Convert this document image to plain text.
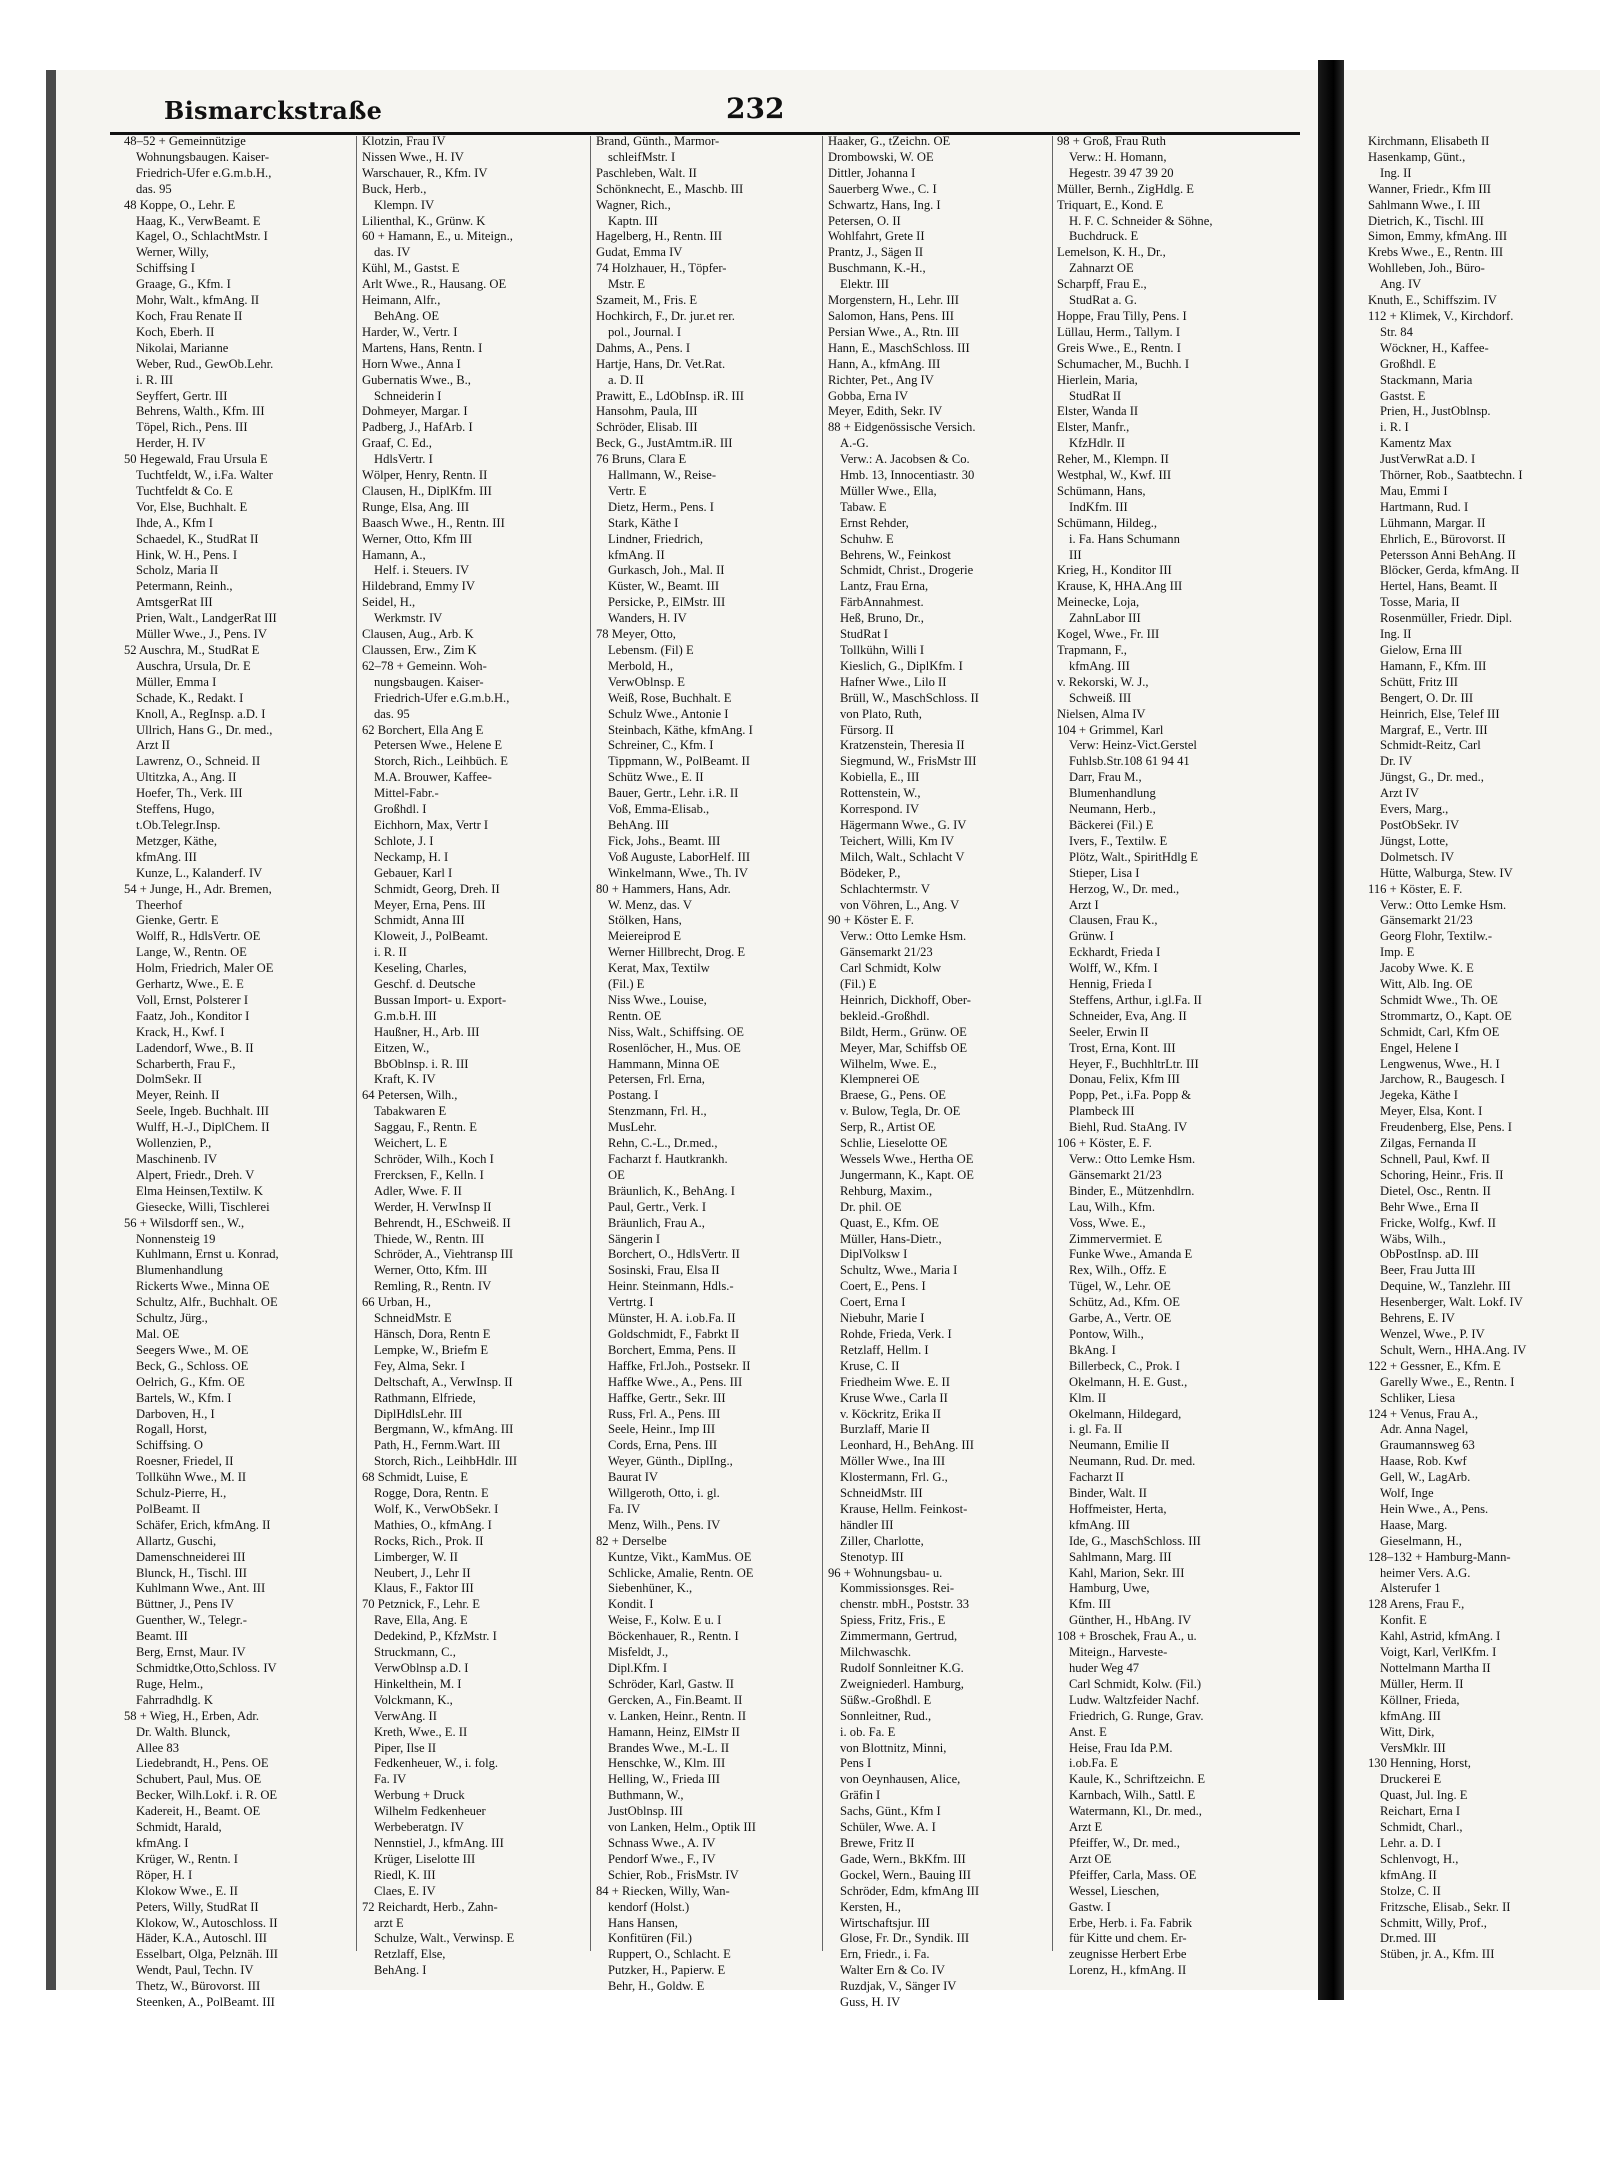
Bismarckstraße	232
48–52 + Gemeinnützige
Wohnungsbaugen. Kaiser-
Friedrich-Ufer e.G.m.b.H.,
das. 95
48 Koppe, O., Lehr. E
Haag, K., VerwBeamt. E
Kagel, O., SchlachtMstr. I
Werner, Willy,
Schiffsing I
Graage, G., Kfm. I
Mohr, Walt., kfmAng. II
Koch, Frau Renate II
Koch, Eberh. II
Nikolai, Marianne
Weber, Rud., GewOb.Lehr.
i. R. III
Seyffert, Gertr. III
Behrens, Walth., Kfm. III
Töpel, Rich., Pens. III
Herder, H. IV
50 Hegewald, Frau Ursula E
Tuchtfeldt, W., i.Fa. Walter
Tuchtfeldt & Co. E
Vor, Else, Buchhalt. E
Ihde, A., Kfm I
Schaedel, K., StudRat II
Hink, W. H., Pens. I
Scholz, Maria II
Petermann, Reinh.,
AmtsgerRat III
Prien, Walt., LandgerRat III
Müller Wwe., J., Pens. IV
52 Auschra, M., StudRat E
Auschra, Ursula, Dr. E
Müller, Emma I
Schade, K., Redakt. I
Knoll, A., RegInsp. a.D. I
Ullrich, Hans G., Dr. med.,
Arzt II
Lawrenz, O., Schneid. II
Ultitzka, A., Ang. II
Hoefer, Th., Verk. III
Steffens, Hugo,
t.Ob.Telegr.Insp.
Metzger, Käthe,
kfmAng. III
Kunze, L., Kalanderf. IV
54 + Junge, H., Adr. Bremen,
Theerhof
Gienke, Gertr. E
Wolff, R., HdlsVertr. OE
Lange, W., Rentn. OE
Holm, Friedrich, Maler OE
Gerhartz, Wwe., E. E
Voll, Ernst, Polsterer I
Faatz, Joh., Konditor I
Krack, H., Kwf. I
Ladendorf, Wwe., B. II
Scharberth, Frau F.,
DolmSekr. II
Meyer, Reinh. II
Seele, Ingeb. Buchhalt. III
Wulff, H.-J., DiplChem. II
Wollenzien, P.,
Maschinenb. IV
Alpert, Friedr., Dreh. V
Elma Heinsen,Textilw. K
Giesecke, Willi, Tischlerei
56 + Wilsdorff sen., W.,
Nonnensteig 19
Kuhlmann, Ernst u. Konrad,
Blumenhandlung
Rickerts Wwe., Minna OE
Schultz, Alfr., Buchhalt. OE
Schultz, Jürg.,
Mal. OE
Seegers Wwe., M. OE
Beck, G., Schloss. OE
Oelrich, G., Kfm. OE
Bartels, W., Kfm. I
Darboven, H., I
Rogall, Horst,
Schiffsing. O
Roesner, Friedel, II
Tollkühn Wwe., M. II
Schulz-Pierre, H.,
PolBeamt. II
Schäfer, Erich, kfmAng. II
Allartz, Guschi,
Damenschneiderei III
Blunck, H., Tischl. III
Kuhlmann Wwe., Ant. III
Büttner, J., Pens IV
Guenther, W., Telegr.-
Beamt. III
Berg, Ernst, Maur. IV
Schmidtke,Otto,Schloss. IV
Ruge, Helm.,
Fahrradhdlg. K
58 + Wieg, H., Erben, Adr.
Dr. Walth. Blunck,
Allee 83
Liedebrandt, H., Pens. OE
Schubert, Paul, Mus. OE
Becker, Wilh.Lokf. i. R. OE
Kadereit, H., Beamt. OE
Schmidt, Harald,
kfmAng. I
Krüger, W., Rentn. I
Röper, H. I
Klokow Wwe., E. II
Peters, Willy, StudRat II
Klokow, W., Autoschloss. II
Häder, K.A., Autoschl. III
Esselbart, Olga, Pelznäh. III
Wendt, Paul, Techn. IV
Thetz, W., Bürovorst. III
Steenken, A., PolBeamt. III
Klotzin, Frau IV
Nissen Wwe., H. IV
Warschauer, R., Kfm. IV
Buck, Herb.,
Klempn. IV
Lilienthal, K., Grünw. K
60 + Hamann, E., u. Miteign.,
das. IV
Kühl, M., Gastst. E
Arlt Wwe., R., Hausang. OE
Heimann, Alfr.,
BehAng. OE
Harder, W., Vertr. I
Martens, Hans, Rentn. I
Horn Wwe., Anna I
Gubernatis Wwe., B.,
Schneiderin I
Dohmeyer, Margar. I
Padberg, J., HafArb. I
Graaf, C. Ed.,
HdlsVertr. I
Wölper, Henry, Rentn. II
Clausen, H., DiplKfm. III
Runge, Elsa, Ang. III
Baasch Wwe., H., Rentn. III
Werner, Otto, Kfm III
Hamann, A.,
Helf. i. Steuers. IV
Hildebrand, Emmy IV
Seidel, H.,
Werkmstr. IV
Clausen, Aug., Arb. K
Claussen, Erw., Zim K
62–78 + Gemeinn. Woh-
nungsbaugen. Kaiser-
Friedrich-Ufer e.G.m.b.H.,
das. 95
62 Borchert, Ella Ang E
Petersen Wwe., Helene E
Storch, Rich., Leihbüch. E
M.A. Brouwer, Kaffee-
Mittel-Fabr.-
Großhdl. I
Eichhorn, Max, Vertr I
Schlote, J. I
Neckamp, H. I
Gebauer, Karl I
Schmidt, Georg, Dreh. II
Meyer, Erna, Pens. III
Schmidt, Anna III
Kloweit, J., PolBeamt.
i. R. II
Keseling, Charles,
Geschf. d. Deutsche
Bussan Import- u. Export-
G.m.b.H. III
Haußner, H., Arb. III
Eitzen, W.,
BbOblnsp. i. R. III
Kraft, K. IV
64 Petersen, Wilh.,
Tabakwaren E
Saggau, F., Rentn. E
Weichert, L. E
Schröder, Wilh., Koch I
Frercksen, F., Kelln. I
Adler, Wwe. F. II
Werder, H. VerwInsp II
Behrendt, H., ESchweiß. II
Thiede, W., Rentn. III
Schröder, A., Viehtransp III
Werner, Otto, Kfm. III
Remling, R., Rentn. IV
66 Urban, H.,
SchneidMstr. E
Hänsch, Dora, Rentn E
Lempke, W., Briefm E
Fey, Alma, Sekr. I
Deltschaft, A., VerwInsp. II
Rathmann, Elfriede,
DiplHdlsLehr. III
Bergmann, W., kfmAng. III
Path, H., Fernm.Wart. III
Storch, Rich., LeihbHdlr. III
68 Schmidt, Luise, E
Rogge, Dora, Rentn. E
Wolf, K., VerwObSekr. I
Mathies, O., kfmAng. I
Rocks, Rich., Prok. II
Limberger, W. II
Neubert, J., Lehr II
Klaus, F., Faktor III
70 Petznick, F., Lehr. E
Rave, Ella, Ang. E
Dedekind, P., KfzMstr. I
Struckmann, C.,
VerwOblnsp a.D. I
Hinkelthein, M. I
Volckmann, K.,
VerwAng. II
Kreth, Wwe., E. II
Piper, Ilse II
Fedkenheuer, W., i. folg.
Fa. IV
Werbung + Druck
Wilhelm Fedkenheuer
Werbeberatgn. IV
Nennstiel, J., kfmAng. III
Krüger, Liselotte III
Riedl, K. III
Claes, E. IV
72 Reichardt, Herb., Zahn-
arzt E
Schulze, Walt., Verwinsp. E
Retzlaff, Else,
BehAng. I
Brand, Günth., Marmor-
schleifMstr. I
Paschleben, Walt. II
Schönknecht, E., Maschb. III
Wagner, Rich.,
Kaptn. III
Hagelberg, H., Rentn. III
Gudat, Emma IV
74 Holzhauer, H., Töpfer-
Mstr. E
Szameit, M., Fris. E
Hochkirch, F., Dr. jur.et rer.
pol., Journal. I
Dahms, A., Pens. I
Hartje, Hans, Dr. Vet.Rat.
a. D. II
Prawitt, E., LdObInsp. iR. III
Hansohm, Paula, III
Schröder, Elisab. III
Beck, G., JustAmtm.iR. III
76 Bruns, Clara E
Hallmann, W., Reise-
Vertr. E
Dietz, Herm., Pens. I
Stark, Käthe I
Lindner, Friedrich,
kfmAng. II
Gurkasch, Joh., Mal. II
Küster, W., Beamt. III
Persicke, P., ElMstr. III
Wanders, H. IV
78 Meyer, Otto,
Lebensm. (Fil) E
Merbold, H.,
VerwOblnsp. E
Weiß, Rose, Buchhalt. E
Schulz Wwe., Antonie I
Steinbach, Käthe, kfmAng. I
Schreiner, C., Kfm. I
Tippmann, W., PolBeamt. II
Schütz Wwe., E. II
Bauer, Gertr., Lehr. i.R. II
Voß, Emma-Elisab.,
BehAng. III
Fick, Johs., Beamt. III
Voß Auguste, LaborHelf. III
Winkelmann, Wwe., Th. IV
80 + Hammers, Hans, Adr.
W. Menz, das. V
Stölken, Hans,
Meiereiprod E
Werner Hillbrecht, Drog. E
Kerat, Max, Textilw
(Fil.) E
Niss Wwe., Louise,
Rentn. OE
Niss, Walt., Schiffsing. OE
Rosenlöcher, H., Mus. OE
Hammann, Minna OE
Petersen, Frl. Erna,
Postang. I
Stenzmann, Frl. H.,
MusLehr.
Rehn, C.-L., Dr.med.,
Facharzt f. Hautkrankh.
OE
Bräunlich, K., BehAng. I
Paul, Gertr., Verk. I
Bräunlich, Frau A.,
Sängerin I
Borchert, O., HdlsVertr. II
Sosinski, Frau, Elsa II
Heinr. Steinmann, Hdls.-
Vertrtg. I
Münster, H. A. i.ob.Fa. II
Goldschmidt, F., Fabrkt II
Borchert, Emma, Pens. II
Haffke, Frl.Joh., Postsekr. II
Haffke Wwe., A., Pens. III
Haffke, Gertr., Sekr. III
Russ, Frl. A., Pens. III
Seele, Heinr., Imp III
Cords, Erna, Pens. III
Weyer, Günth., DiplIng.,
Baurat IV
Willgeroth, Otto, i. gl.
Fa. IV
Menz, Wilh., Pens. IV
82 + Derselbe
Kuntze, Vikt., KamMus. OE
Schlicke, Amalie, Rentn. OE
Siebenhüner, K.,
Kondit. I
Weise, F., Kolw. E u. I
Böckenhauer, R., Rentn. I
Misfeldt, J.,
Dipl.Kfm. I
Schröder, Karl, Gastw. II
Gercken, A., Fin.Beamt. II
v. Lanken, Heinr., Rentn. II
Hamann, Heinz, ElMstr II
Brandes Wwe., M.-L. II
Henschke, W., Klm. III
Helling, W., Frieda III
Buthmann, W.,
JustOblnsp. III
von Lanken, Helm., Optik III
Schnass Wwe., A. IV
Pendorf Wwe., F., IV
Schier, Rob., FrisMstr. IV
84 + Riecken, Willy, Wan-
kendorf (Holst.)
Hans Hansen,
Konfitüren (Fil.)
Ruppert, O., Schlacht. E
Putzker, H., Papierw. E
Behr, H., Goldw. E
Haaker, G., tZeichn. OE
Drombowski, W. OE
Dittler, Johanna I
Sauerberg Wwe., C. I
Schwartz, Hans, Ing. I
Petersen, O. II
Wohlfahrt, Grete II
Prantz, J., Sägen II
Buschmann, K.-H.,
Elektr. III
Morgenstern, H., Lehr. III
Salomon, Hans, Pens. III
Persian Wwe., A., Rtn. III
Hann, E., MaschSchloss. III
Hann, A., kfmAng. III
Richter, Pet., Ang IV
Gobba, Erna IV
Meyer, Edith, Sekr. IV
88 + Eidgenössische Versich.
A.-G.
Verw.: A. Jacobsen & Co.
Hmb. 13, Innocentiastr. 30
Müller Wwe., Ella,
Tabaw. E
Ernst Rehder,
Schuhw. E
Behrens, W., Feinkost
Schmidt, Christ., Drogerie
Lantz, Frau Erna,
FärbAnnahmest.
Heß, Bruno, Dr.,
StudRat I
Tollkühn, Willi I
Kieslich, G., DiplKfm. I
Hafner Wwe., Lilo II
Brüll, W., MaschSchloss. II
von Plato, Ruth,
Fürsorg. II
Kratzenstein, Theresia II
Siegmund, W., FrisMstr III
Kobiella, E., III
Rottenstein, W.,
Korrespond. IV
Hägermann Wwe., G. IV
Teichert, Willi, Km IV
Milch, Walt., Schlacht V
Bödeker, P.,
Schlachtermstr. V
von Vöhren, L., Ang. V
90 + Köster E. F.
Verw.: Otto Lemke Hsm.
Gänsemarkt 21/23
Carl Schmidt, Kolw
(Fil.) E
Heinrich, Dickhoff, Ober-
bekleid.-Großhdl.
Bildt, Herm., Grünw. OE
Meyer, Mar, Schiffsb OE
Wilhelm, Wwe. E.,
Klempnerei OE
Braese, G., Pens. OE
v. Bulow, Tegla, Dr. OE
Serp, R., Artist OE
Schlie, Lieselotte OE
Wessels Wwe., Hertha OE
Jungermann, K., Kapt. OE
Rehburg, Maxim.,
Dr. phil. OE
Quast, E., Kfm. OE
Müller, Hans-Dietr.,
DiplVolksw I
Schultz, Wwe., Maria I
Coert, E., Pens. I
Coert, Erna I
Niebuhr, Marie I
Rohde, Frieda, Verk. I
Retzlaff, Hellm. I
Kruse, C. II
Friedheim Wwe. E. II
Kruse Wwe., Carla II
v. Köckritz, Erika II
Burzlaff, Marie II
Leonhard, H., BehAng. III
Möller Wwe., Ina III
Klostermann, Frl. G.,
SchneidMstr. III
Krause, Hellm. Feinkost-
händler III
Ziller, Charlotte,
Stenotyp. III
96 + Wohnungsbau- u.
Kommissionsges. Rei-
chenstr. mbH., Poststr. 33
Spiess, Fritz, Fris., E
Zimmermann, Gertrud,
Milchwaschk.
Rudolf Sonnleitner K.G.
Zweigniederl. Hamburg,
Süßw.-Großhdl. E
Sonnleitner, Rud.,
i. ob. Fa. E
von Blottnitz, Minni,
Pens I
von Oeynhausen, Alice,
Gräfin I
Sachs, Günt., Kfm I
Schüler, Wwe. A. I
Brewe, Fritz II
Gade, Wern., BkKfm. III
Gockel, Wern., Bauing III
Schröder, Edm, kfmAng III
Kersten, H.,
Wirtschaftsjur. III
Glose, Fr. Dr., Syndik. III
Ern, Friedr., i. Fa.
Walter Ern & Co. IV
Ruzdjak, V., Sänger IV
Guss, H. IV
98 + Groß, Frau Ruth
Verw.: H. Homann,
Hegestr. 39 47 39 20
Müller, Bernh., ZigHdlg. E
Triquart, E., Kond. E
H. F. C. Schneider & Söhne,
Buchdruck. E
Lemelson, K. H., Dr.,
Zahnarzt OE
Scharpff, Frau E.,
StudRat a. G.
Hoppe, Frau Tilly, Pens. I
Lüllau, Herm., Tallym. I
Greis Wwe., E., Rentn. I
Schumacher, M., Buchh. I
Hierlein, Maria,
StudRat II
Elster, Wanda II
Elster, Manfr.,
KfzHdlr. II
Reher, M., Klempn. II
Westphal, W., Kwf. III
Schümann, Hans,
IndKfm. III
Schümann, Hildeg.,
i. Fa. Hans Schumann
III
Krieg, H., Konditor III
Krause, K, HHA.Ang III
Meinecke, Loja,
ZahnLabor III
Kogel, Wwe., Fr. III
Trapmann, F.,
kfmAng. III
v. Rekorski, W. J.,
Schweiß. III
Nielsen, Alma IV
104 + Grimmel, Karl
Verw: Heinz-Vict.Gerstel
Fuhlsb.Str.108 61 94 41
Darr, Frau M.,
Blumenhandlung
Neumann, Herb.,
Bäckerei (Fil.) E
Ivers, F., Textilw. E
Plötz, Walt., SpiritHdlg E
Stieper, Lisa I
Herzog, W., Dr. med.,
Arzt I
Clausen, Frau K.,
Grünw. I
Eckhardt, Frieda I
Wolff, W., Kfm. I
Hennig, Frieda I
Steffens, Arthur, i.gl.Fa. II
Schneider, Eva, Ang. II
Seeler, Erwin II
Trost, Erna, Kont. III
Heyer, F., BuchhltrLtr. III
Donau, Felix, Kfm III
Popp, Pet., i.Fa. Popp &
Plambeck III
Biehl, Rud. StaAng. IV
106 + Köster, E. F.
Verw.: Otto Lemke Hsm.
Gänsemarkt 21/23
Binder, E., Mützenhdlrn.
Lau, Wilh., Kfm.
Voss, Wwe. E.,
Zimmervermiet. E
Funke Wwe., Amanda E
Rex, Wilh., Offz. E
Tügel, W., Lehr. OE
Schütz, Ad., Kfm. OE
Garbe, A., Vertr. OE
Pontow, Wilh.,
BkAng. I
Billerbeck, C., Prok. I
Okelmann, H. E. Gust.,
Klm. II
Okelmann, Hildegard,
i. gl. Fa. II
Neumann, Emilie II
Neumann, Rud. Dr. med.
Facharzt II
Binder, Walt. II
Hoffmeister, Herta,
kfmAng. III
Ide, G., MaschSchloss. III
Sahlmann, Marg. III
Kahl, Marion, Sekr. III
Hamburg, Uwe,
Kfm. III
Günther, H., HbAng. IV
108 + Broschek, Frau A., u.
Miteign., Harveste-
huder Weg 47
Carl Schmidt, Kolw. (Fil.)
Ludw. Waltzfeider Nachf.
Friedrich, G. Runge, Grav.
Anst. E
Heise, Frau Ida P.M.
i.ob.Fa. E
Kaule, K., Schriftzeichn. E
Karnbach, Wilh., Sattl. E
Watermann, Kl., Dr. med.,
Arzt E
Pfeiffer, W., Dr. med.,
Arzt OE
Pfeiffer, Carla, Mass. OE
Wessel, Lieschen,
Gastw. I
Erbe, Herb. i. Fa. Fabrik
für Kitte und chem. Er-
zeugnisse Herbert Erbe
Lorenz, H., kfmAng. II
Kirchmann, Elisabeth II
Hasenkamp, Günt.,
Ing. II
Wanner, Friedr., Kfm III
Sahlmann Wwe., I. III
Dietrich, K., Tischl. III
Simon, Emmy, kfmAng. III
Krebs Wwe., E., Rentn. III
Wohlleben, Joh., Büro-
Ang. IV
Knuth, E., Schiffszim. IV
112 + Klimek, V., Kirchdorf.
Str. 84
Wöckner, H., Kaffee-
Großhdl. E
Stackmann, Maria
Gastst. E
Prien, H., JustOblnsp.
i. R. I
Kamentz Max
JustVerwRat a.D. I
Thörner, Rob., Saatbtechn. I
Mau, Emmi I
Hartmann, Rud. I
Lühmann, Margar. II
Ehrlich, E., Bürovorst. II
Petersson Anni BehAng. II
Blöcker, Gerda, kfmAng. II
Hertel, Hans, Beamt. II
Tosse, Maria, II
Rosenmüller, Friedr. Dipl.
Ing. II
Gielow, Erna III
Hamann, F., Kfm. III
Schütt, Fritz III
Bengert, O. Dr. III
Heinrich, Else, Telef III
Margraf, E., Vertr. III
Schmidt-Reitz, Carl
Dr. IV
Jüngst, G., Dr. med.,
Arzt IV
Evers, Marg.,
PostObSekr. IV
Jüngst, Lotte,
Dolmetsch. IV
Hütte, Walburga, Stew. IV
116 + Köster, E. F.
Verw.: Otto Lemke Hsm.
Gänsemarkt 21/23
Georg Flohr, Textilw.-
Imp. E
Jacoby Wwe. K. E
Witt, Alb. Ing. OE
Schmidt Wwe., Th. OE
Strommartz, O., Kapt. OE
Schmidt, Carl, Kfm OE
Engel, Helene I
Lengwenus, Wwe., H. I
Jarchow, R., Baugesch. I
Jegeka, Käthe I
Meyer, Elsa, Kont. I
Freudenberg, Else, Pens. I
Zilgas, Fernanda II
Schnell, Paul, Kwf. II
Schoring, Heinr., Fris. II
Dietel, Osc., Rentn. II
Behr Wwe., Erna II
Fricke, Wolfg., Kwf. II
Wäbs, Wilh.,
ObPostInsp. aD. III
Beer, Frau Jutta III
Dequine, W., Tanzlehr. III
Hesenberger, Walt. Lokf. IV
Behrens, E. IV
Wenzel, Wwe., P. IV
Schult, Wern., HHA.Ang. IV
122 + Gessner, E., Kfm. E
Garelly Wwe., E., Rentn. I
Schliker, Liesa
124 + Venus, Frau A.,
Adr. Anna Nagel,
Graumannsweg 63
Haase, Rob. Kwf
Gell, W., LagArb.
Wolf, Inge
Hein Wwe., A., Pens.
Haase, Marg.
Gieselmann, H.,
128–132 + Hamburg-Mann-
heimer Vers. A.G.
Alsterufer 1
128 Arens, Frau F.,
Konfit. E
Kahl, Astrid, kfmAng. I
Voigt, Karl, VerlKfm. I
Nottelmann Martha II
Müller, Herm. II
Köllner, Frieda,
kfmAng. III
Witt, Dirk,
VersMklr. III
130 Henning, Horst,
Druckerei E
Quast, Jul. Ing. E
Reichart, Erna I
Schmidt, Charl.,
Lehr. a. D. I
Schlenvogt, H.,
kfmAng. II
Stolze, C. II
Fritzsche, Elisab., Sekr. II
Schmitt, Willy, Prof.,
Dr.med. III
Stüben, jr. A., Kfm. III
